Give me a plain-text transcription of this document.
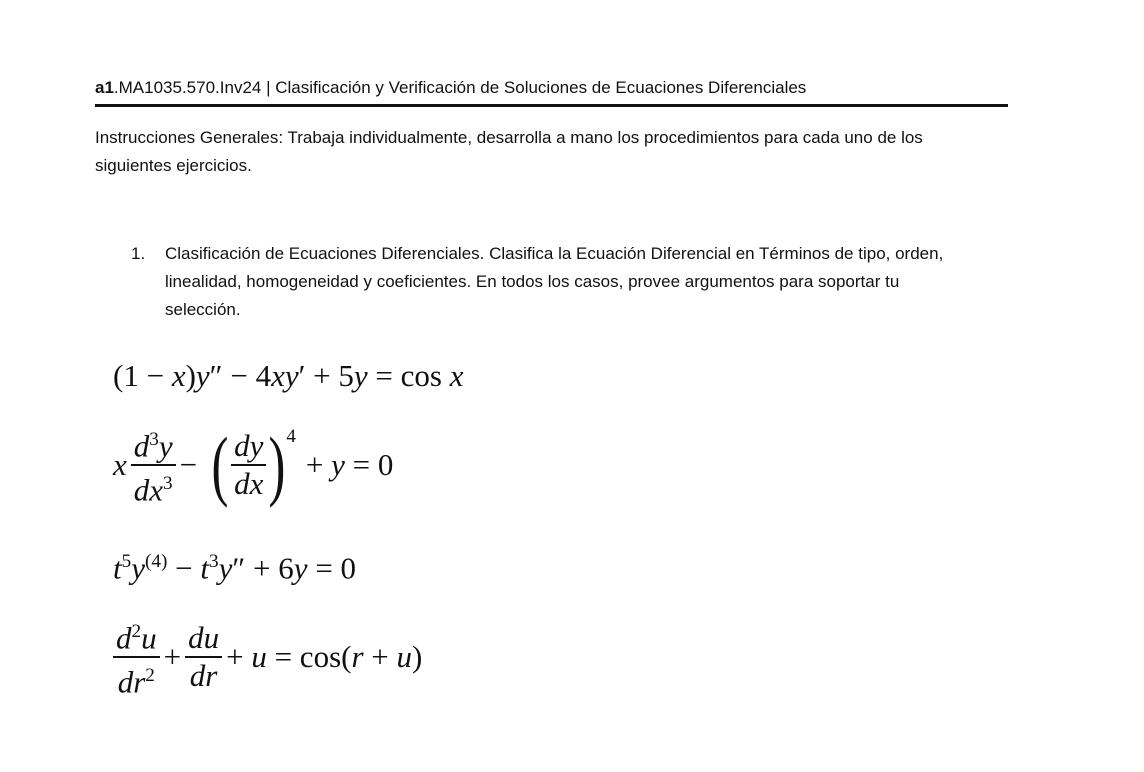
a1.MA1035.570.Inv24 | Clasificación y Verificación de Soluciones de Ecuaciones Diferenciales
Instrucciones Generales: Trabaja individualmente, desarrolla a mano los procedimientos para cada uno de los siguientes ejercicios.
1. Clasificación de Ecuaciones Diferenciales. Clasifica la Ecuación Diferencial en Términos de tipo, orden, linealidad, homogeneidad y coeficientes. En todos los casos, provee argumentos para soportar tu selección.
(1 − x)y″ − 4xy′ + 5y = cos x
x $\frac{d^3y}{dx^3}$ − ( $\frac{dy}{dx}$ ) 4
+ y = 0
$t^5y^{(4)} - t^3y'' + 6y = 0$
$\frac{d^2u}{dr^2} + \frac{du}{dr} + u = \cos(r + u)$
